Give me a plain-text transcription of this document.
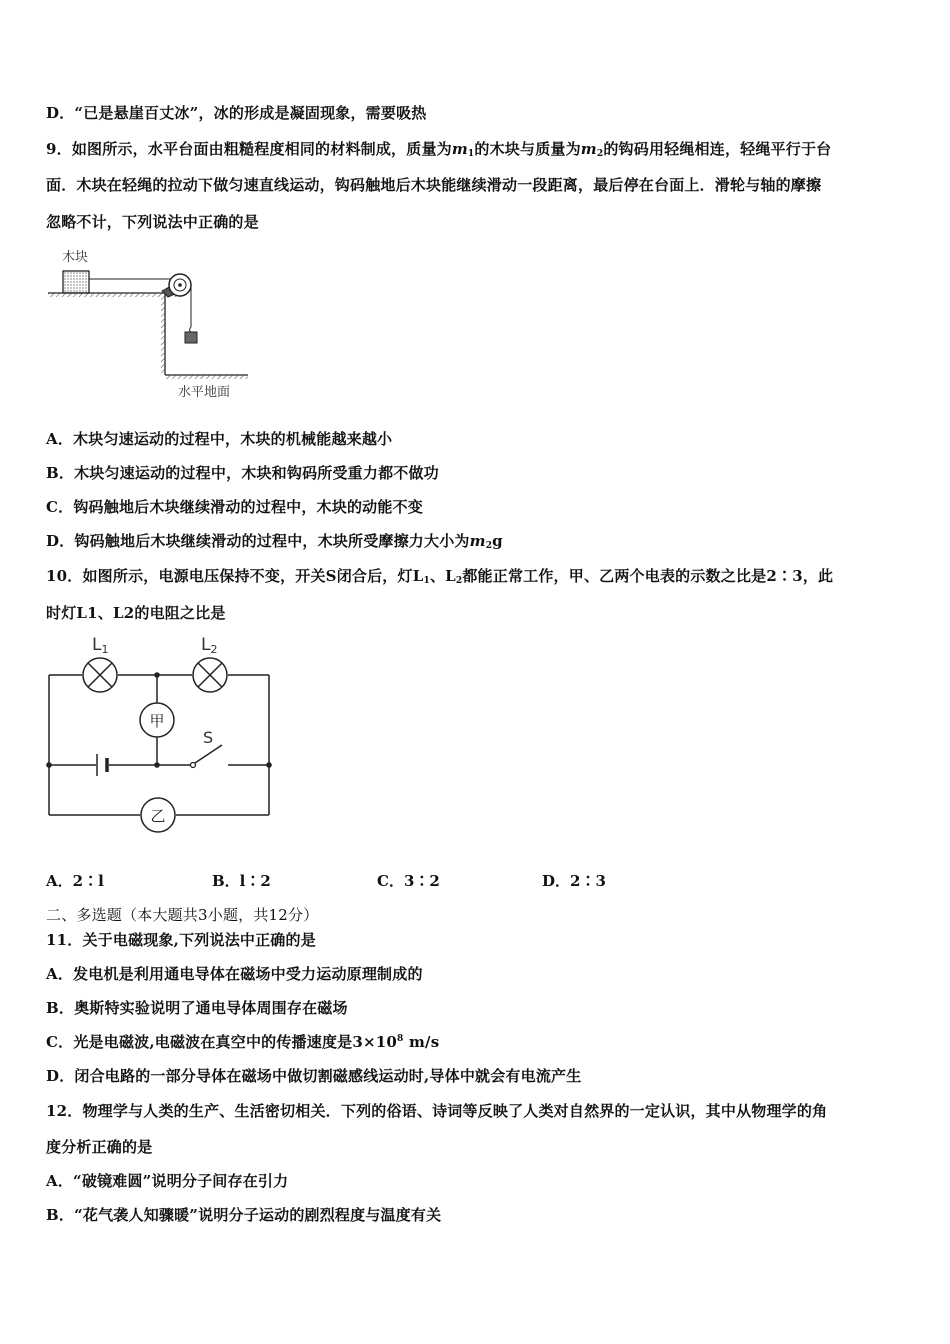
D．“已是悬崖百丈冰”，冰的形成是凝固现象，需要吸热
9．如图所示，水平台面由粗糙程度相同的材料制成，质量为$m_1$的木块与质量为$m_2$的钩码用轻绳相连，轻绳平行于台
面．木块在轻绳的拉动下做匀速直线运动，钩码触地后木块能继续滑动一段距离，最后停在台面上．滑轮与轴的摩擦
忽略不计，下列说法中正确的是
木块
水平地面
A．木块匀速运动的过程中，木块的机械能越来越小
B．木块匀速运动的过程中，木块和钩码所受重力都不做功
C．钩码触地后木块继续滑动的过程中，木块的动能不变
D．钩码触地后木块继续滑动的过程中，木块所受摩擦力大小为$m_2g$
10．如图所示，电源电压保持不变，开关S闭合后，灯$L_1$、$L_2$都能正常工作，甲、乙两个电表的示数之比是2∶3，此
时灯L1、L2的电阻之比是
S
L1	L2
甲
乙
A．2∶l	B．l∶2	C．3∶2	D．2∶3
二、多选题（本大题共3小题，共12分）
11．关于电磁现象,下列说法中正确的是
A．发电机是利用通电导体在磁场中受力运动原理制成的
B．奥斯特实验说明了通电导体周围存在磁场
C．光是电磁波,电磁波在真空中的传播速度是$3\times 10^8$ m/s
D．闭合电路的一部分导体在磁场中做切割磁感线运动时,导体中就会有电流产生
12．物理学与人类的生产、生活密切相关．下列的俗语、诗词等反映了人类对自然界的一定认识，其中从物理学的角
度分析正确的是
A．“破镜难圆”说明分子间存在引力
B．“花气袭人知骤暖”说明分子运动的剧烈程度与温度有关
